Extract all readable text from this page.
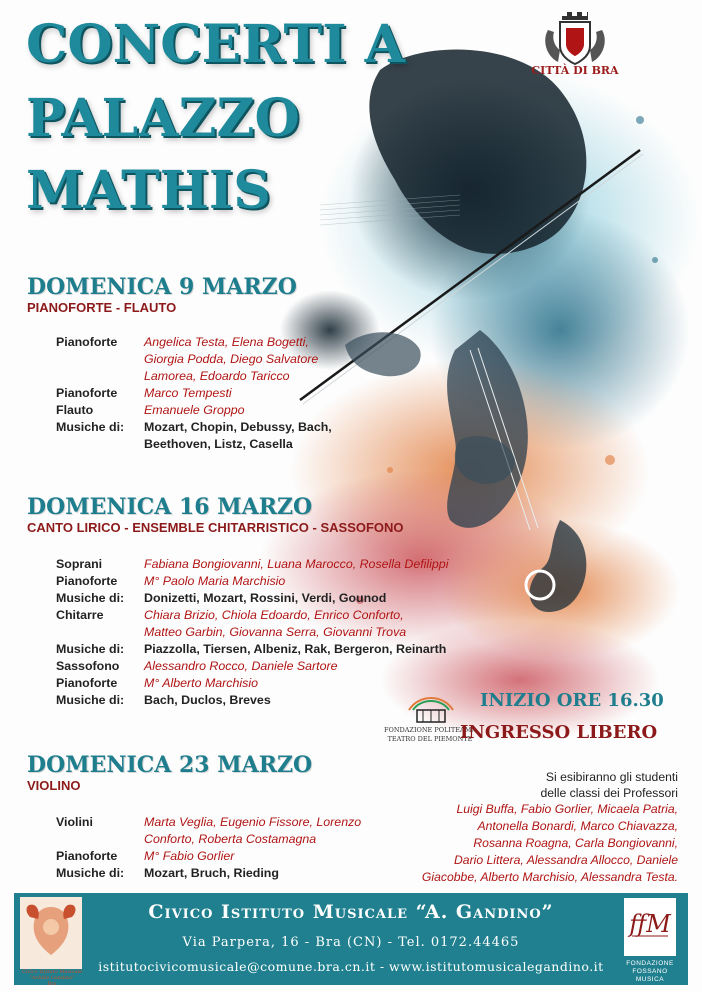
CONCERTI A
PALAZZO
MATHIS
CITTÀ DI BRA
DOMENICA 9 MARZO
PIANOFORTE - FLAUTO
Pianoforte Angelica Testa, Elena Bogetti,
Giorgia Podda, Diego Salvatore
Lamorea, Edoardo Taricco
Pianoforte Marco Tempesti
Flauto	Emanuele Groppo
Musiche di: Mozart, Chopin, Debussy, Bach,
Beethoven, Listz, Casella
DOMENICA 16 MARZO
CANTO LIRICO - ENSEMBLE CHITARRISTICO - SASSOFONO
Soprani	Fabiana Bongiovanni, Luana Marocco, Rosella Defilippi
Pianoforte M° Paolo Maria Marchisio
Musiche di: Donizetti, Mozart, Rossini, Verdi, Gounod
Chitarre	Chiara Brizio, Chiola Edoardo, Enrico Conforto,
Matteo Garbin, Giovanna Serra, Giovanni Trova
Musiche di: Piazzolla, Tiersen, Albeniz, Rak, Bergeron, Reinarth
Sassofono Alessandro Rocco, Daniele Sartore
Pianoforte M° Alberto Marchisio
Musiche di: Bach, Duclos, Breves
FONDAZIONE POLITEAMA
TEATRO DEL PIEMONTE
INIZIO ORE 16.30
INGRESSO LIBERO
DOMENICA 23 MARZO
VIOLINO
Violini	Marta Veglia, Eugenio Fissore, Lorenzo
Conforto, Roberta Costamagna
Pianoforte M° Fabio Gorlier
Musiche di: Mozart, Bruch, Rieding
Si esibiranno gli studenti
delle classi dei Professori
Luigi Buffa, Fabio Gorlier, Micaela Patria,
Antonella Bonardi, Marco Chiavazza,
Rosanna Roagna, Carla Bongiovanni,
Dario Littera, Alessandra Allocco, Daniele
Giacobbe, Alberto Marchisio, Alessandra Testa.
Civico Istituto Musicale “A. Gandino”
Via Parpera, 16 - Bra (CN) - Tel. 0172.44465
istitutocivicomusicale@comune.bra.cn.it - www.istitutomusicalegandino.it
Civico Istituto Musicale
"Achille Gandino"
Bra
ffM
FONDAZIONE
FOSSANO
MUSICA
